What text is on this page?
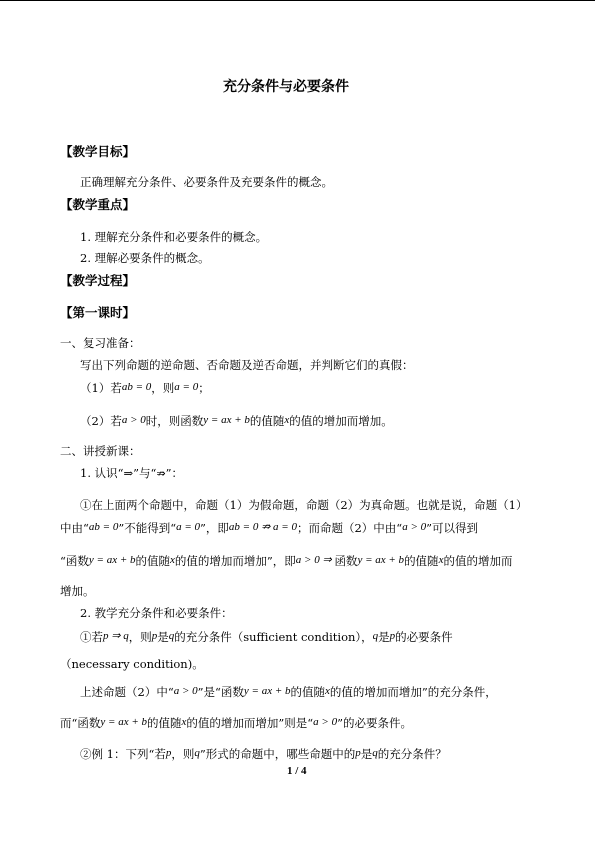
充分条件与必要条件
【教学目标】
正确理解充分条件、必要条件及充要条件的概念。
【教学重点】
1. 理解充分条件和必要条件的概念。
2. 理解必要条件的概念。
【教学过程】
【第一课时】
一、复习准备：
写出下列命题的逆命题、否命题及逆否命题，并判断它们的真假：
（1）若ab = 0，则a = 0；
（2）若a > 0时，则函数y = ax + b的值随x的值的增加而增加。
二、讲授新课：
1. 认识“⇒”与“⇏”：
①在上面两个命题中，命题（1）为假命题，命题（2）为真命题。也就是说，命题（1）
中由“ab = 0”不能得到“a = 0”，即ab = 0 ⇏ a = 0；而命题（2）中由“a > 0”可以得到
“函数y = ax + b的值随x的值的增加而增加”，即a > 0 ⇒ 函数y = ax + b的值随x的值的增加而
增加。
2. 教学充分条件和必要条件：
①若p ⇒ q，则p是q的充分条件（sufficient condition），q是p的必要条件
（necessary condition)。
上述命题（2）中“a > 0”是“函数y = ax + b的值随x的值的增加而增加”的充分条件，
而“函数y = ax + b的值随x的值的增加而增加”则是“a > 0”的必要条件。
②例 1：下列“若p，则q”形式的命题中，哪些命题中的p是q的充分条件？
1 / 4
